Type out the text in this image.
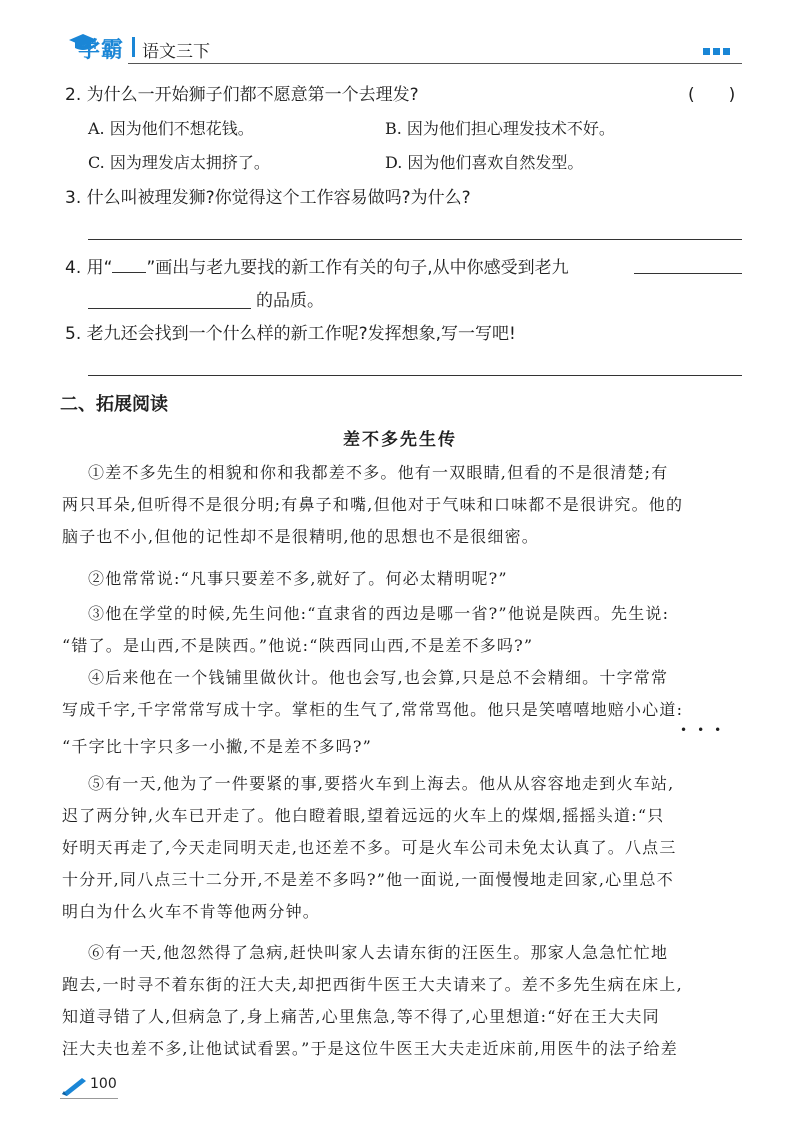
学霸 语文三下
2. 为什么一开始狮子们都不愿意第一个去理发?	(　　)
A. 因为他们不想花钱。	B. 因为他们担心理发技术不好。
C. 因为理发店太拥挤了。	D. 因为他们喜欢自然发型。
3. 什么叫被理发狮?你觉得这个工作容易做吗?为什么?
4. 用“ ”画出与老九要找的新工作有关的句子,从中你感受到老九
的品质。
5. 老九还会找到一个什么样的新工作呢?发挥想象,写一写吧!
二、拓展阅读
差不多先生传
①差不多先生的相貌和你和我都差不多。他有一双眼睛,但看的不是很清楚;有
两只耳朵,但听得不是很分明;有鼻子和嘴,但他对于气味和口味都不是很讲究。他的
脑子也不小,但他的记性却不是很精明,他的思想也不是很细密。
②他常常说:“凡事只要差不多,就好了。何必太精明呢?”
③他在学堂的时候,先生问他:“直隶省的西边是哪一省?”他说是陕西。先生说:
“错了。是山西,不是陕西。”他说:“陕西同山西,不是差不多吗?”
④后来他在一个钱铺里做伙计。他也会写,也会算,只是总不会精细。十字常常
写成千字,千字常常写成十字。掌柜的生气了,常常骂他。他只是笑嘻嘻地赔小心道:
•••
“千字比十字只多一小撇,不是差不多吗?”
⑤有一天,他为了一件要紧的事,要搭火车到上海去。他从从容容地走到火车站,
迟了两分钟,火车已开走了。他白瞪着眼,望着远远的火车上的煤烟,摇摇头道:“只
好明天再走了,今天走同明天走,也还差不多。可是火车公司未免太认真了。八点三
十分开,同八点三十二分开,不是差不多吗?”他一面说,一面慢慢地走回家,心里总不
明白为什么火车不肯等他两分钟。
⑥有一天,他忽然得了急病,赶快叫家人去请东街的汪医生。那家人急急忙忙地
跑去,一时寻不着东街的汪大夫,却把西街牛医王大夫请来了。差不多先生病在床上,
知道寻错了人,但病急了,身上痛苦,心里焦急,等不得了,心里想道:“好在王大夫同
汪大夫也差不多,让他试试看罢。”于是这位牛医王大夫走近床前,用医牛的法子给差
100
